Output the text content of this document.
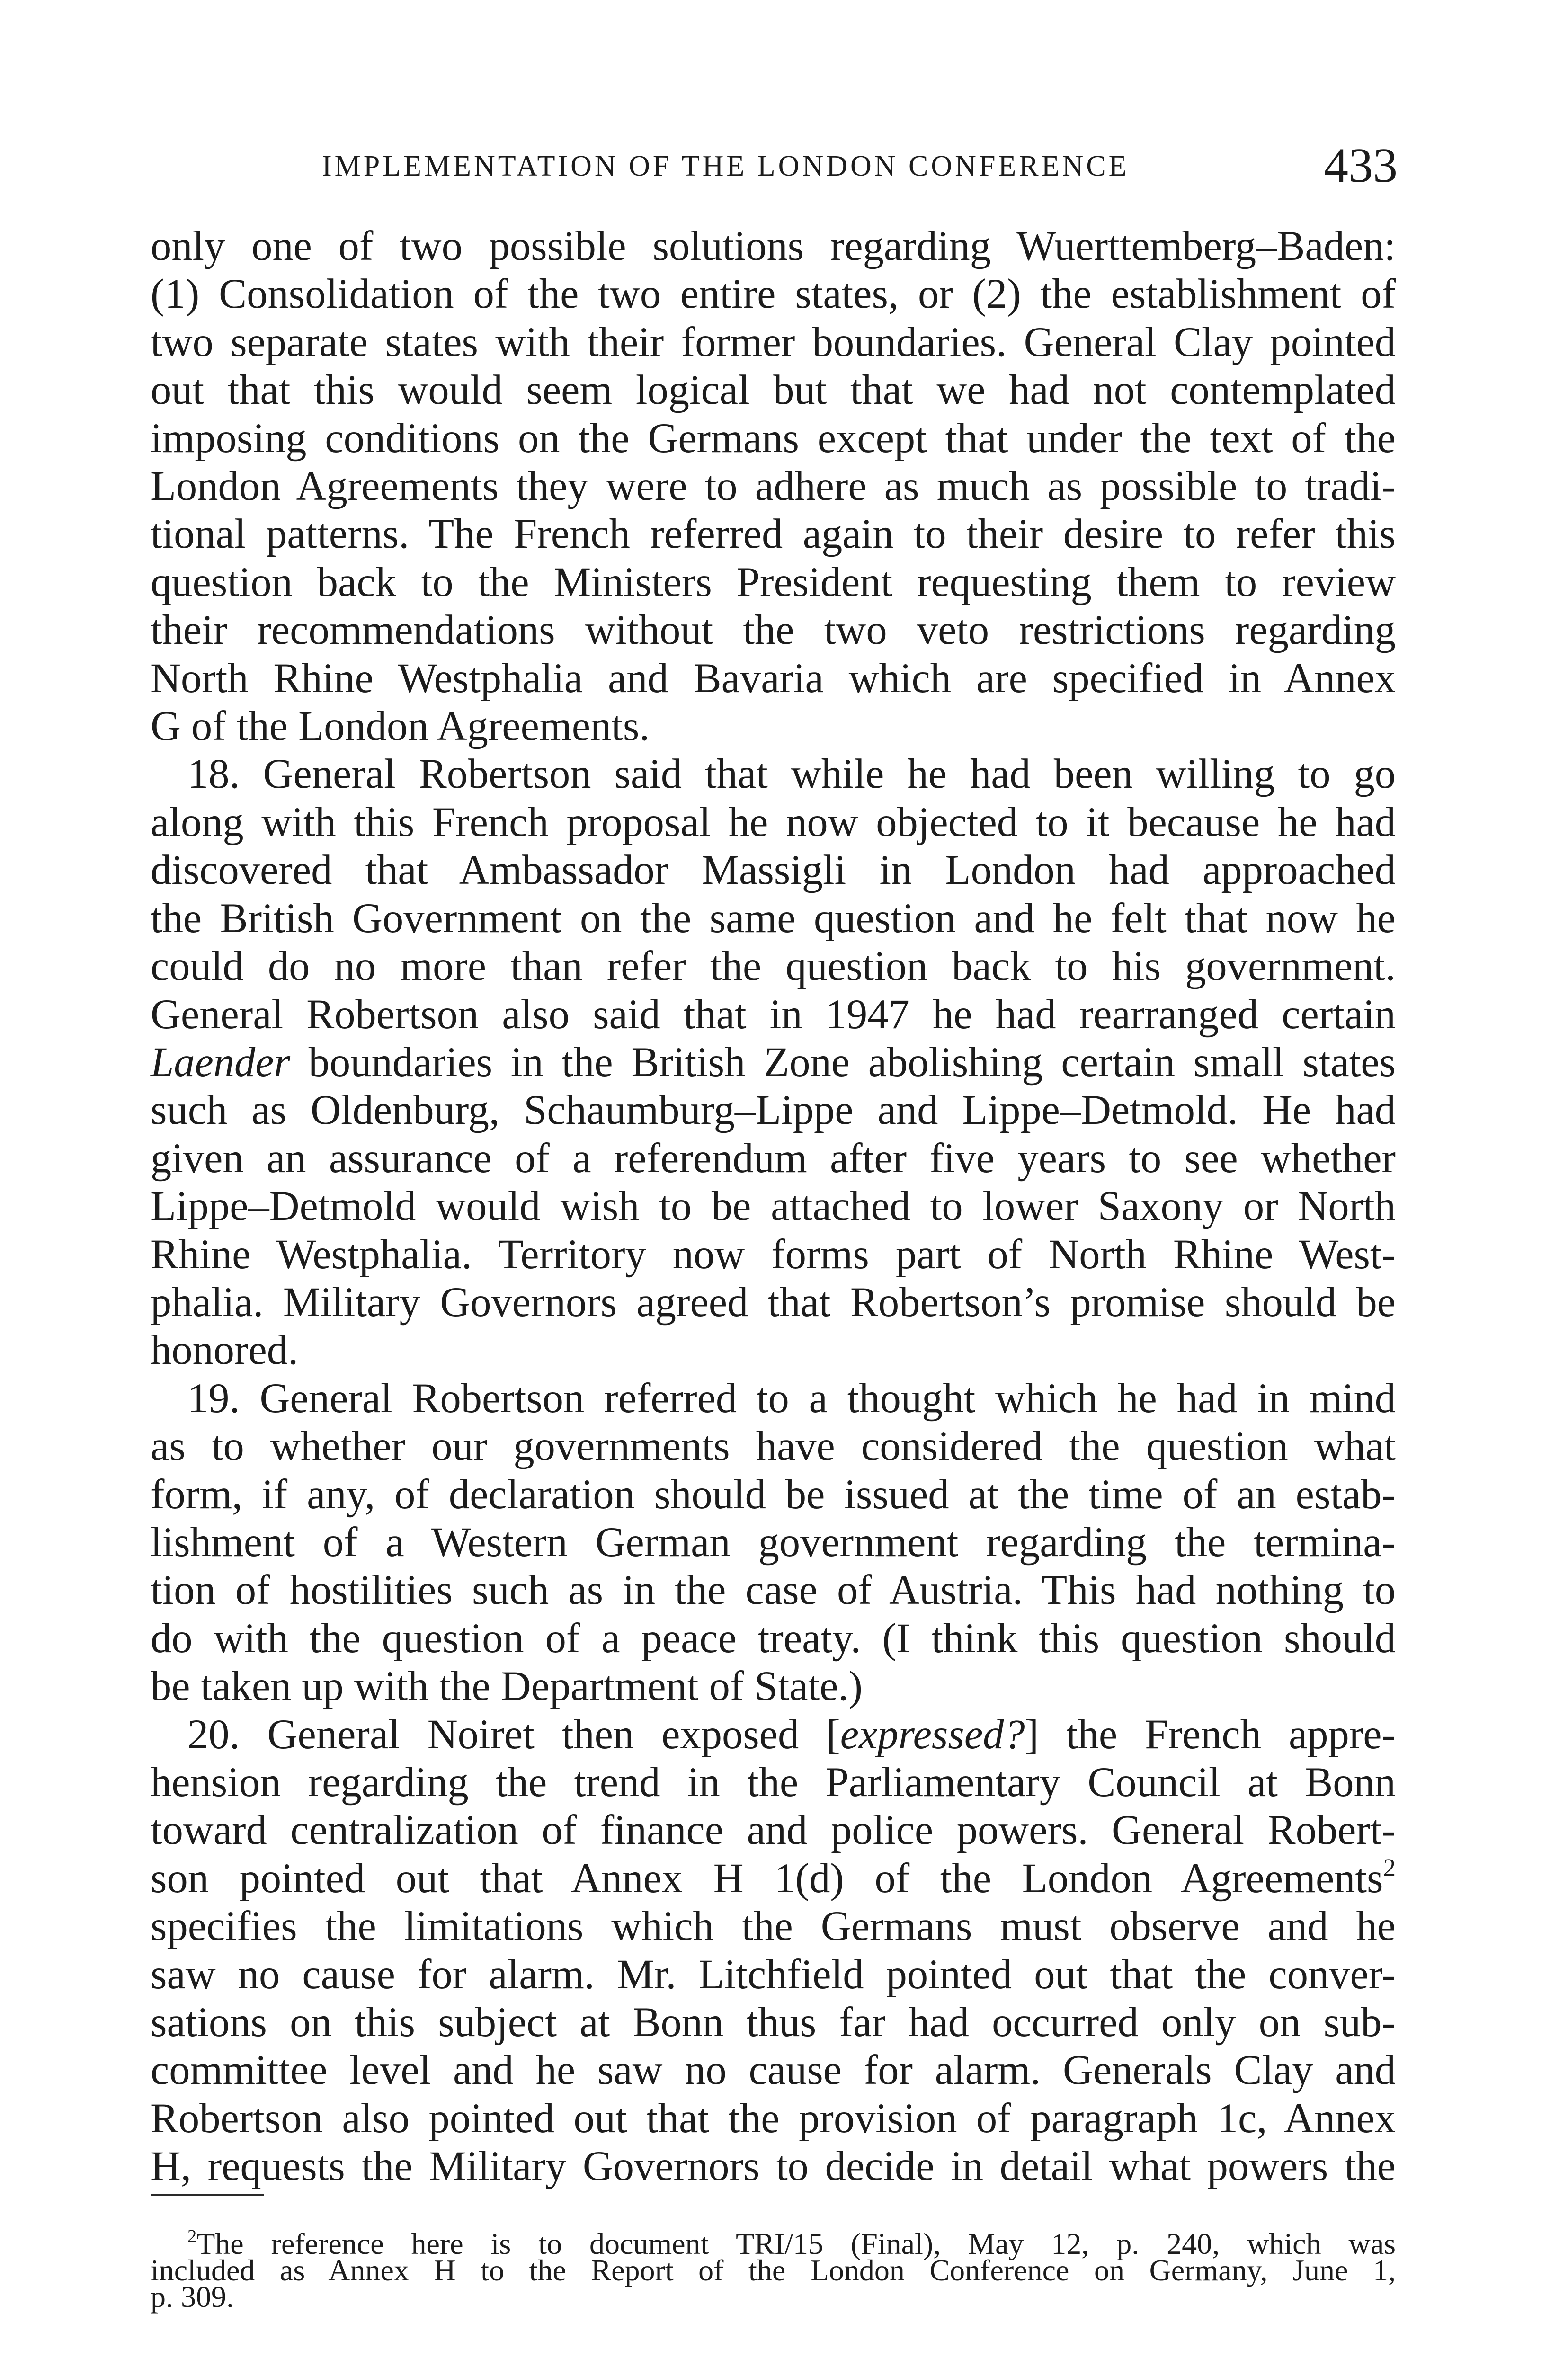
IMPLEMENTATION OF THE LONDON CONFERENCE	433
only one of two possible solutions regarding Wuerttemberg–Baden:
(1) Consolidation of the two entire states, or (2) the establishment of
two separate states with their former boundaries. General Clay pointed
out that this would seem logical but that we had not contemplated
imposing conditions on the Germans except that under the text of the
London Agreements they were to adhere as much as possible to tradi-
tional patterns. The French referred again to their desire to refer this
question back to the Ministers President requesting them to review
their recommendations without the two veto restrictions regarding
North Rhine Westphalia and Bavaria which are specified in Annex
G of the London Agreements.
18. General Robertson said that while he had been willing to go
along with this French proposal he now objected to it because he had
discovered that Ambassador Massigli in London had approached
the British Government on the same question and he felt that now he
could do no more than refer the question back to his government.
General Robertson also said that in 1947 he had rearranged certain
Laender boundaries in the British Zone abolishing certain small states
such as Oldenburg, Schaumburg–Lippe and Lippe–Detmold. He had
given an assurance of a referendum after five years to see whether
Lippe–Detmold would wish to be attached to lower Saxony or North
Rhine Westphalia. Territory now forms part of North Rhine West-
phalia. Military Governors agreed that Robertson’s promise should be
honored.
19. General Robertson referred to a thought which he had in mind
as to whether our governments have considered the question what
form, if any, of declaration should be issued at the time of an estab-
lishment of a Western German government regarding the termina-
tion of hostilities such as in the case of Austria. This had nothing to
do with the question of a peace treaty. (I think this question should
be taken up with the Department of State.)
20. General Noiret then exposed [expressed?] the French appre-
hension regarding the trend in the Parliamentary Council at Bonn
toward centralization of finance and police powers. General Robert-
son pointed out that Annex H 1(d) of the London Agreements$^2$
specifies the limitations which the Germans must observe and he
saw no cause for alarm. Mr. Litchfield pointed out that the conver-
sations on this subject at Bonn thus far had occurred only on sub-
committee level and he saw no cause for alarm. Generals Clay and
Robertson also pointed out that the provision of paragraph 1c, Annex
H, requests the Military Governors to decide in detail what powers the
$^2$The reference here is to document TRI/15 (Final), May 12, p. 240, which was
included as Annex H to the Report of the London Conference on Germany, June 1,
p. 309.
